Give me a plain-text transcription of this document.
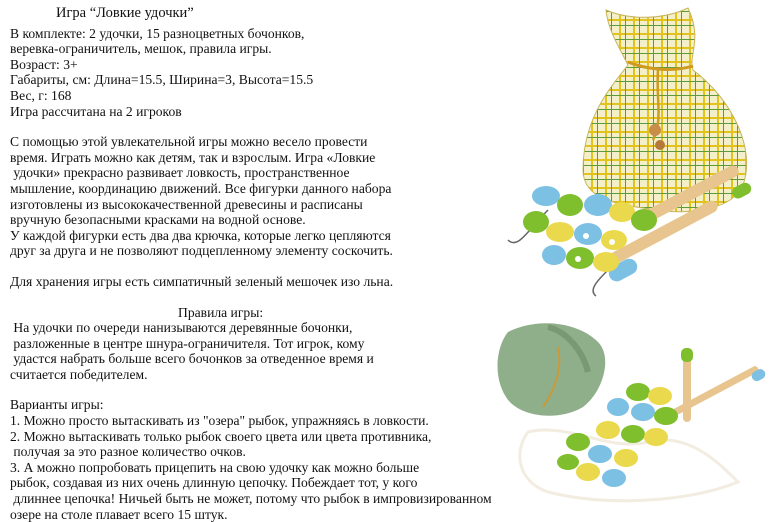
Игра “Ловкие удочки”
В комплекте: 2 удочки, 15 разноцветных бочонков,
веревка-ограничитель, мешок, правила игры.
Возраст: 3+
Габариты, см: Длина=15.5, Ширина=3, Высота=15.5
Вес, г: 168
Игра рассчитана на 2 игроков
С помощью этой увлекательной игры можно весело провести
время. Играть можно как детям, так и взрослым. Игра «Ловкие
удочки» прекрасно развивает ловкость, пространственное
мышление, координацию движений. Все фигурки данного набора
изготовлены из высококачественной древесины и расписаны
вручную безопасными красками на водной основе.
У каждой фигурки есть два два крючка, которые легко цепляются
друг за друга и не позволяют подцепленному элементу соскочить.
Для хранения игры есть симпатичный зеленый мешочек изо льна.
Правила игры:
На удочки по очереди нанизываются деревянные бочонки,
разложенные в центре шнура-ограничителя. Тот игрок, кому
удастся набрать больше всего бочонков за отведенное время и
считается победителем.
Варианты игры:
1. Можно просто вытаскивать из "озера" рыбок, упражняясь в ловкости.
2. Можно вытаскивать только рыбок своего цвета или цвета противника,
получая за это разное количество очков.
3. А можно попробовать прицепить на свою удочку как можно больше
рыбок, создавая из них очень длинную цепочку. Побеждает тот, у кого
длиннее цепочка! Ничьей быть не может, потому что рыбок в импровизированном
озере на столе плавает всего 15 штук.
